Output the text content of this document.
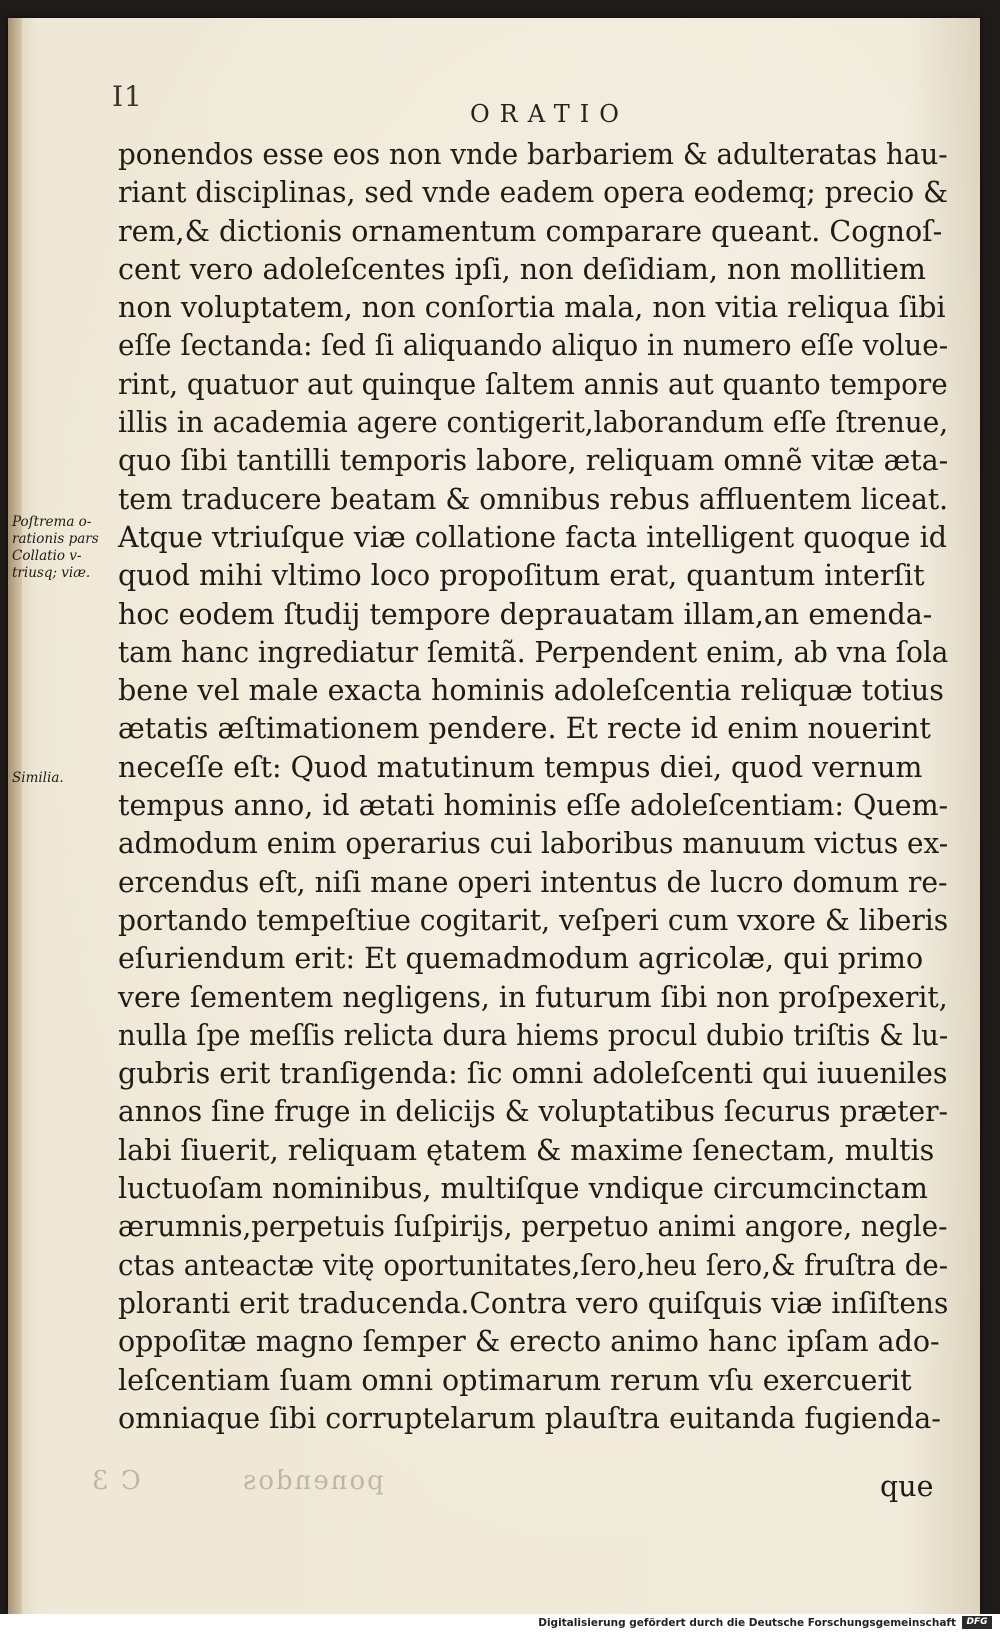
I1
ORATIO
ponendos esse eos non vnde barbariem & adulteratas hau-
riant disciplinas, sed vnde eadem opera eodemq; precio &
rem,& dictionis ornamentum comparare queant. Cognoſ-
cent vero adoleſcentes ipſi, non deſidiam, non mollitiem
non voluptatem, non conſortia mala, non vitia reliqua ſibi
eſſe ſectanda: ſed ſi aliquando aliquo in numero eſſe volue-
rint, quatuor aut quinque ſaltem annis aut quanto tempore
illis in academia agere contigerit,laborandum eſſe ſtrenue,
quo ſibi tantilli temporis labore, reliquam omnẽ vitæ æta-
tem traducere beatam & omnibus rebus affluentem liceat.
Atque vtriuſque viæ collatione facta intelligent quoque id
quod mihi vltimo loco propoſitum erat, quantum interſit
hoc eodem ſtudij tempore deprauatam illam,an emenda-
tam hanc ingrediatur ſemitã. Perpendent enim, ab vna ſola
bene vel male exacta hominis adoleſcentia reliquæ totius
ætatis æſtimationem pendere. Et recte id enim nouerint
neceſſe eſt: Quod matutinum tempus diei, quod vernum
tempus anno, id ætati hominis eſſe adoleſcentiam: Quem-
admodum enim operarius cui laboribus manuum victus ex-
ercendus eſt, niſi mane operi intentus de lucro domum re-
portando tempeſtiue cogitarit, veſperi cum vxore & liberis
eſuriendum erit: Et quemadmodum agricolæ, qui primo
vere ſementem negligens, in futurum ſibi non proſpexerit,
nulla ſpe meſſis relicta dura hiems procul dubio triſtis & lu-
gubris erit tranſigenda: ſic omni adoleſcenti qui iuueniles
annos ſine fruge in delicijs & voluptatibus ſecurus præter-
labi ſiuerit, reliquam ętatem & maxime ſenectam, multis
luctuoſam nominibus, multiſque vndique circumcinctam
ærumnis,perpetuis ſuſpirijs, perpetuo animi angore, negle-
ctas anteactæ vitę oportunitates,ſero,heu ſero,& fruſtra de-
ploranti erit traducenda.Contra vero quiſquis viæ inſiſtens
oppoſitæ magno ſemper & erecto animo hanc ipſam ado-
leſcentiam ſuam omni optimarum rerum vſu exercuerit
omniaque ſibi corruptelarum plauſtra euitanda fugienda-
Poſtrema o-
rationis pars
Collatio v-
triusq; viæ.
Similia.
ponendos C 3	que
Digitalisierung gefördert durch die Deutsche Forschungsgemeinschaft	DFG
